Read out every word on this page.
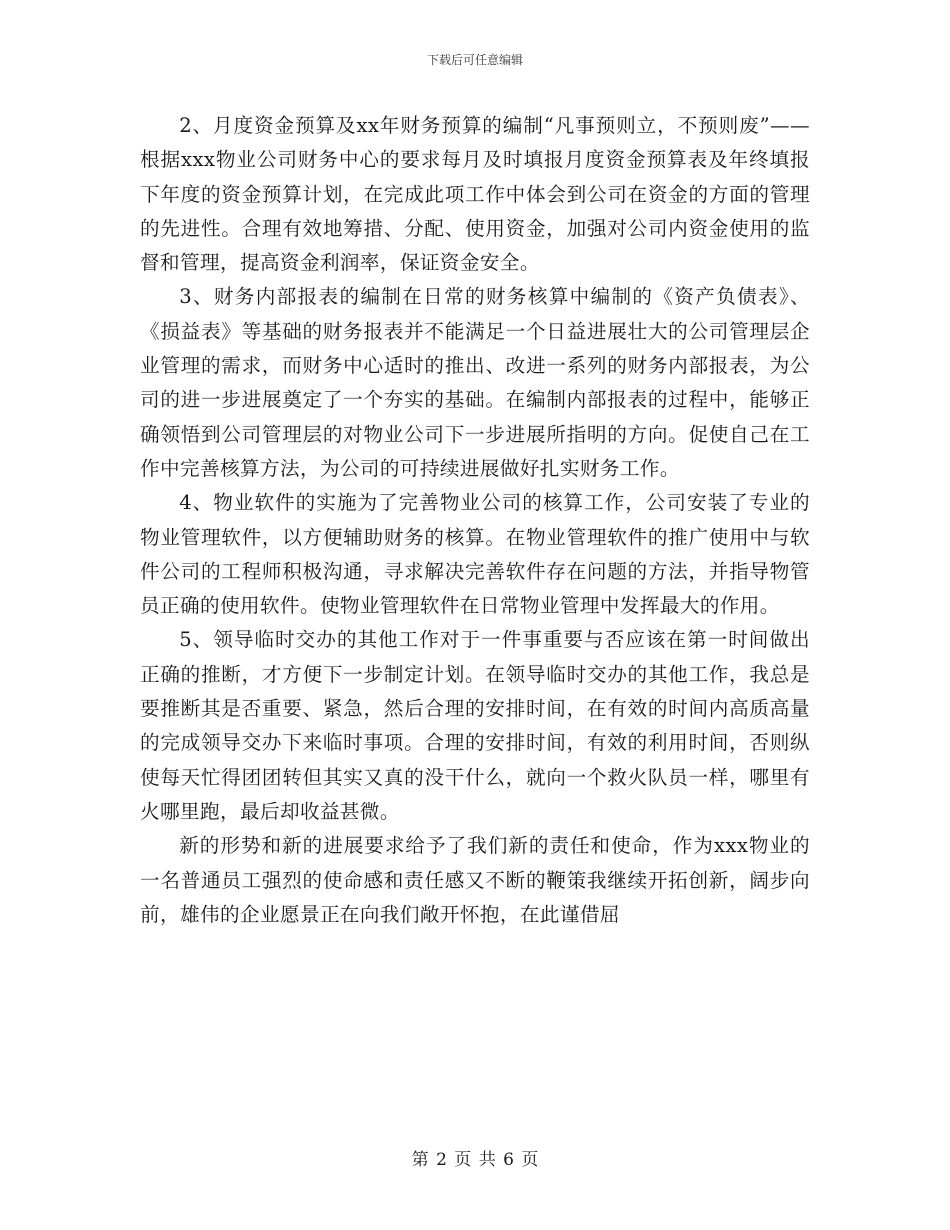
下载后可任意编辑

2、月度资金预算及xx年财务预算的编制“凡事预则立，不预则废”——根据xxx物业公司财务中心的要求每月及时填报月度资金预算表及年终填报下年度的资金预算计划，在完成此项工作中体会到公司在资金的方面的管理的先进性。合理有效地筹措、分配、使用资金，加强对公司内资金使用的监督和管理，提高资金利润率，保证资金安全。

3、财务内部报表的编制在日常的财务核算中编制的《资产负债表》、《损益表》等基础的财务报表并不能满足一个日益进展壮大的公司管理层企业管理的需求，而财务中心适时的推出、改进一系列的财务内部报表，为公司的进一步进展奠定了一个夯实的基础。在编制内部报表的过程中，能够正确领悟到公司管理层的对物业公司下一步进展所指明的方向。促使自己在工作中完善核算方法，为公司的可持续进展做好扎实财务工作。

4、物业软件的实施为了完善物业公司的核算工作，公司安装了专业的物业管理软件，以方便辅助财务的核算。在物业管理软件的推广使用中与软件公司的工程师积极沟通，寻求解决完善软件存在问题的方法，并指导物管员正确的使用软件。使物业管理软件在日常物业管理中发挥最大的作用。

5、领导临时交办的其他工作对于一件事重要与否应该在第一时间做出正确的推断，才方便下一步制定计划。在领导临时交办的其他工作，我总是要推断其是否重要、紧急，然后合理的安排时间，在有效的时间内高质高量的完成领导交办下来临时事项。合理的安排时间，有效的利用时间，否则纵使每天忙得团团转但其实又真的没干什么，就向一个救火队员一样，哪里有火哪里跑，最后却收益甚微。

新的形势和新的进展要求给予了我们新的责任和使命，作为xxx物业的一名普通员工强烈的使命感和责任感又不断的鞭策我继续开拓创新，阔步向前，雄伟的企业愿景正在向我们敞开怀抱，在此谨借屈

第 2 页 共 6 页
